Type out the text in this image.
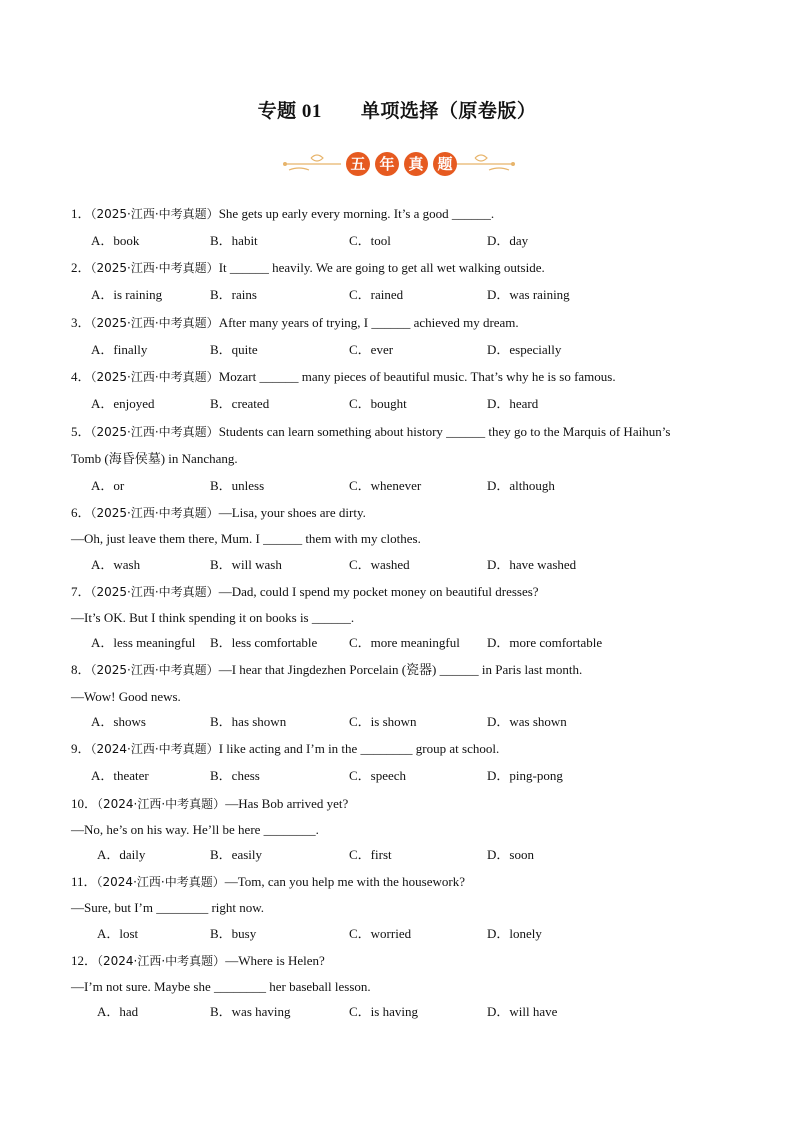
专题 01　　单项选择（原卷版）
五 年 真 题
1．（2025·江西·中考真题）She gets up early every morning. It’s a good ______.
A．book	B．habit	C．tool	D．day
2．（2025·江西·中考真题）It ______ heavily. We are going to get all wet walking outside.
A．is raining	B．rains	C．rained	D．was raining
3．（2025·江西·中考真题）After many years of trying, I ______ achieved my dream.
A．finally	B．quite	C．ever	D．especially
4．（2025·江西·中考真题）Mozart ______ many pieces of beautiful music. That’s why he is so famous.
A．enjoyed	B．created	C．bought	D．heard
5．（2025·江西·中考真题）Students can learn something about history ______ they go to the Marquis of Haihun’s
Tomb (海昏侯墓) in Nanchang.
A．or	B．unless	C．whenever	D．although
6．（2025·江西·中考真题）—Lisa, your shoes are dirty.
—Oh, just leave them there, Mum. I ______ them with my clothes.
A．wash	B．will wash	C．washed	D．have washed
7．（2025·江西·中考真题）—Dad, could I spend my pocket money on beautiful dresses?
—It’s OK. But I think spending it on books is ______.
A．less meaningful B．less comfortable C．more meaningful D．more comfortable
8．（2025·江西·中考真题）—I hear that Jingdezhen Porcelain (瓷器) ______ in Paris last month.
—Wow! Good news.
A．shows	B．has shown	C．is shown	D．was shown
9．（2024·江西·中考真题）I like acting and I’m in the ________ group at school.
A．theater	B．chess	C．speech	D．ping-pong
10．（2024·江西·中考真题）—Has Bob arrived yet?
—No, he’s on his way. He’ll be here ________.
A．daily	B．easily	C．first	D．soon
11．（2024·江西·中考真题）—Tom, can you help me with the housework?
—Sure, but I’m ________ right now.
A．lost	B．busy	C．worried	D．lonely
12．（2024·江西·中考真题）—Where is Helen?
—I’m not sure. Maybe she ________ her baseball lesson.
A．had	B．was having	C．is having	D．will have
